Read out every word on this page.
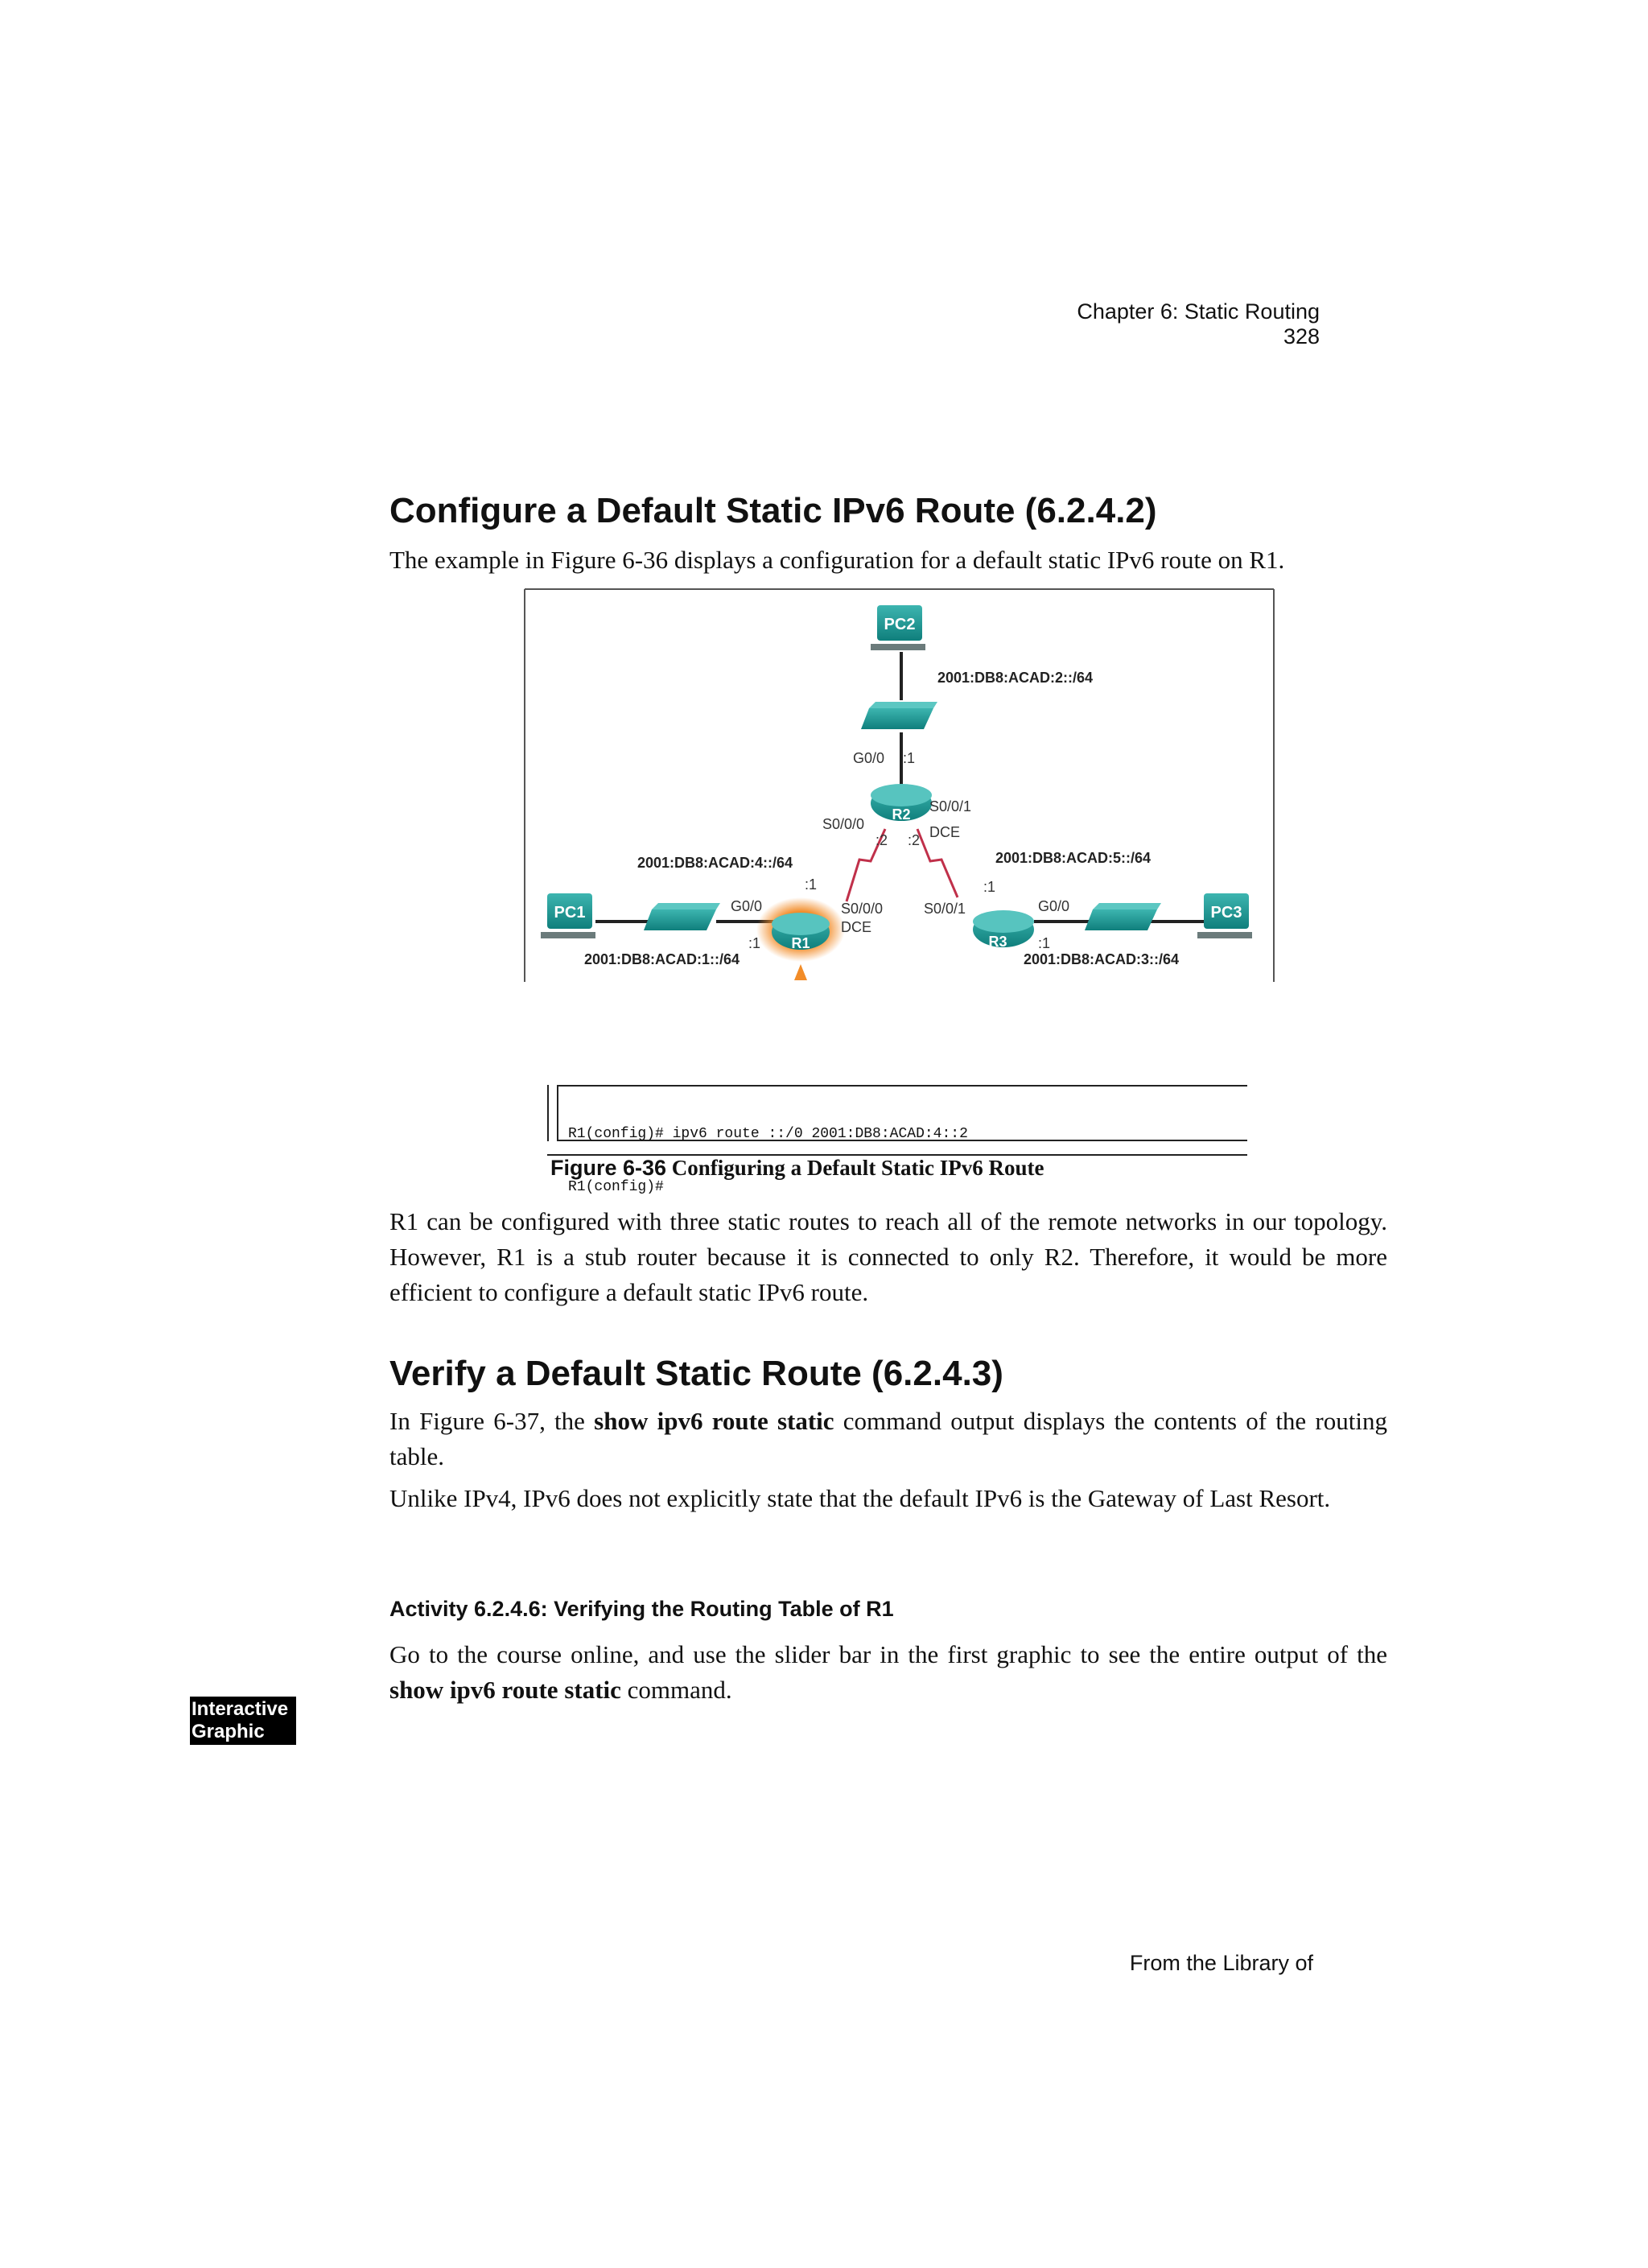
Chapter 6: Static Routing 328
Configure a Default Static IPv6 Route (6.2.4.2)
The example in Figure 6-36 displays a configuration for a default static IPv6 route on R1.
PC2
2001:DB8:ACAD:2::/64
G0/0 :1
R2
S0/0/0
:2 :2
S0/0/1
DCE
2001:DB8:ACAD:4::/64	2001:DB8:ACAD:5::/64
:1	:1
PC1	G0/0
:1 R1
S0/0/0
DCE
S0/0/1
R3
G0/0
:1
PC3
2001:DB8:ACAD:1::/64	2001:DB8:ACAD:3::/64

R1(config)# ipv6 route ::/0 2001:DB8:ACAD:4::2

R1(config)#

Figure 6-36 Configuring a Default Static IPv6 Route
R1 can be configured with three static routes to reach all of the remote networks in our topology. However, R1 is a stub router because it is connected to only R2. Therefore, it would be more efficient to configure a default static IPv6 route.
Verify a Default Static Route (6.2.4.3)
In Figure 6-37, the show ipv6 route static command output displays the contents of the routing table.
Unlike IPv4, IPv6 does not explicitly state that the default IPv6 is the Gateway of Last Resort.
Activity 6.2.4.6: Verifying the Routing Table of R1
Interactive
Graphic
Go to the course online, and use the slider bar in the first graphic to see the entire output of the show ipv6 route static command.
From the Library of
